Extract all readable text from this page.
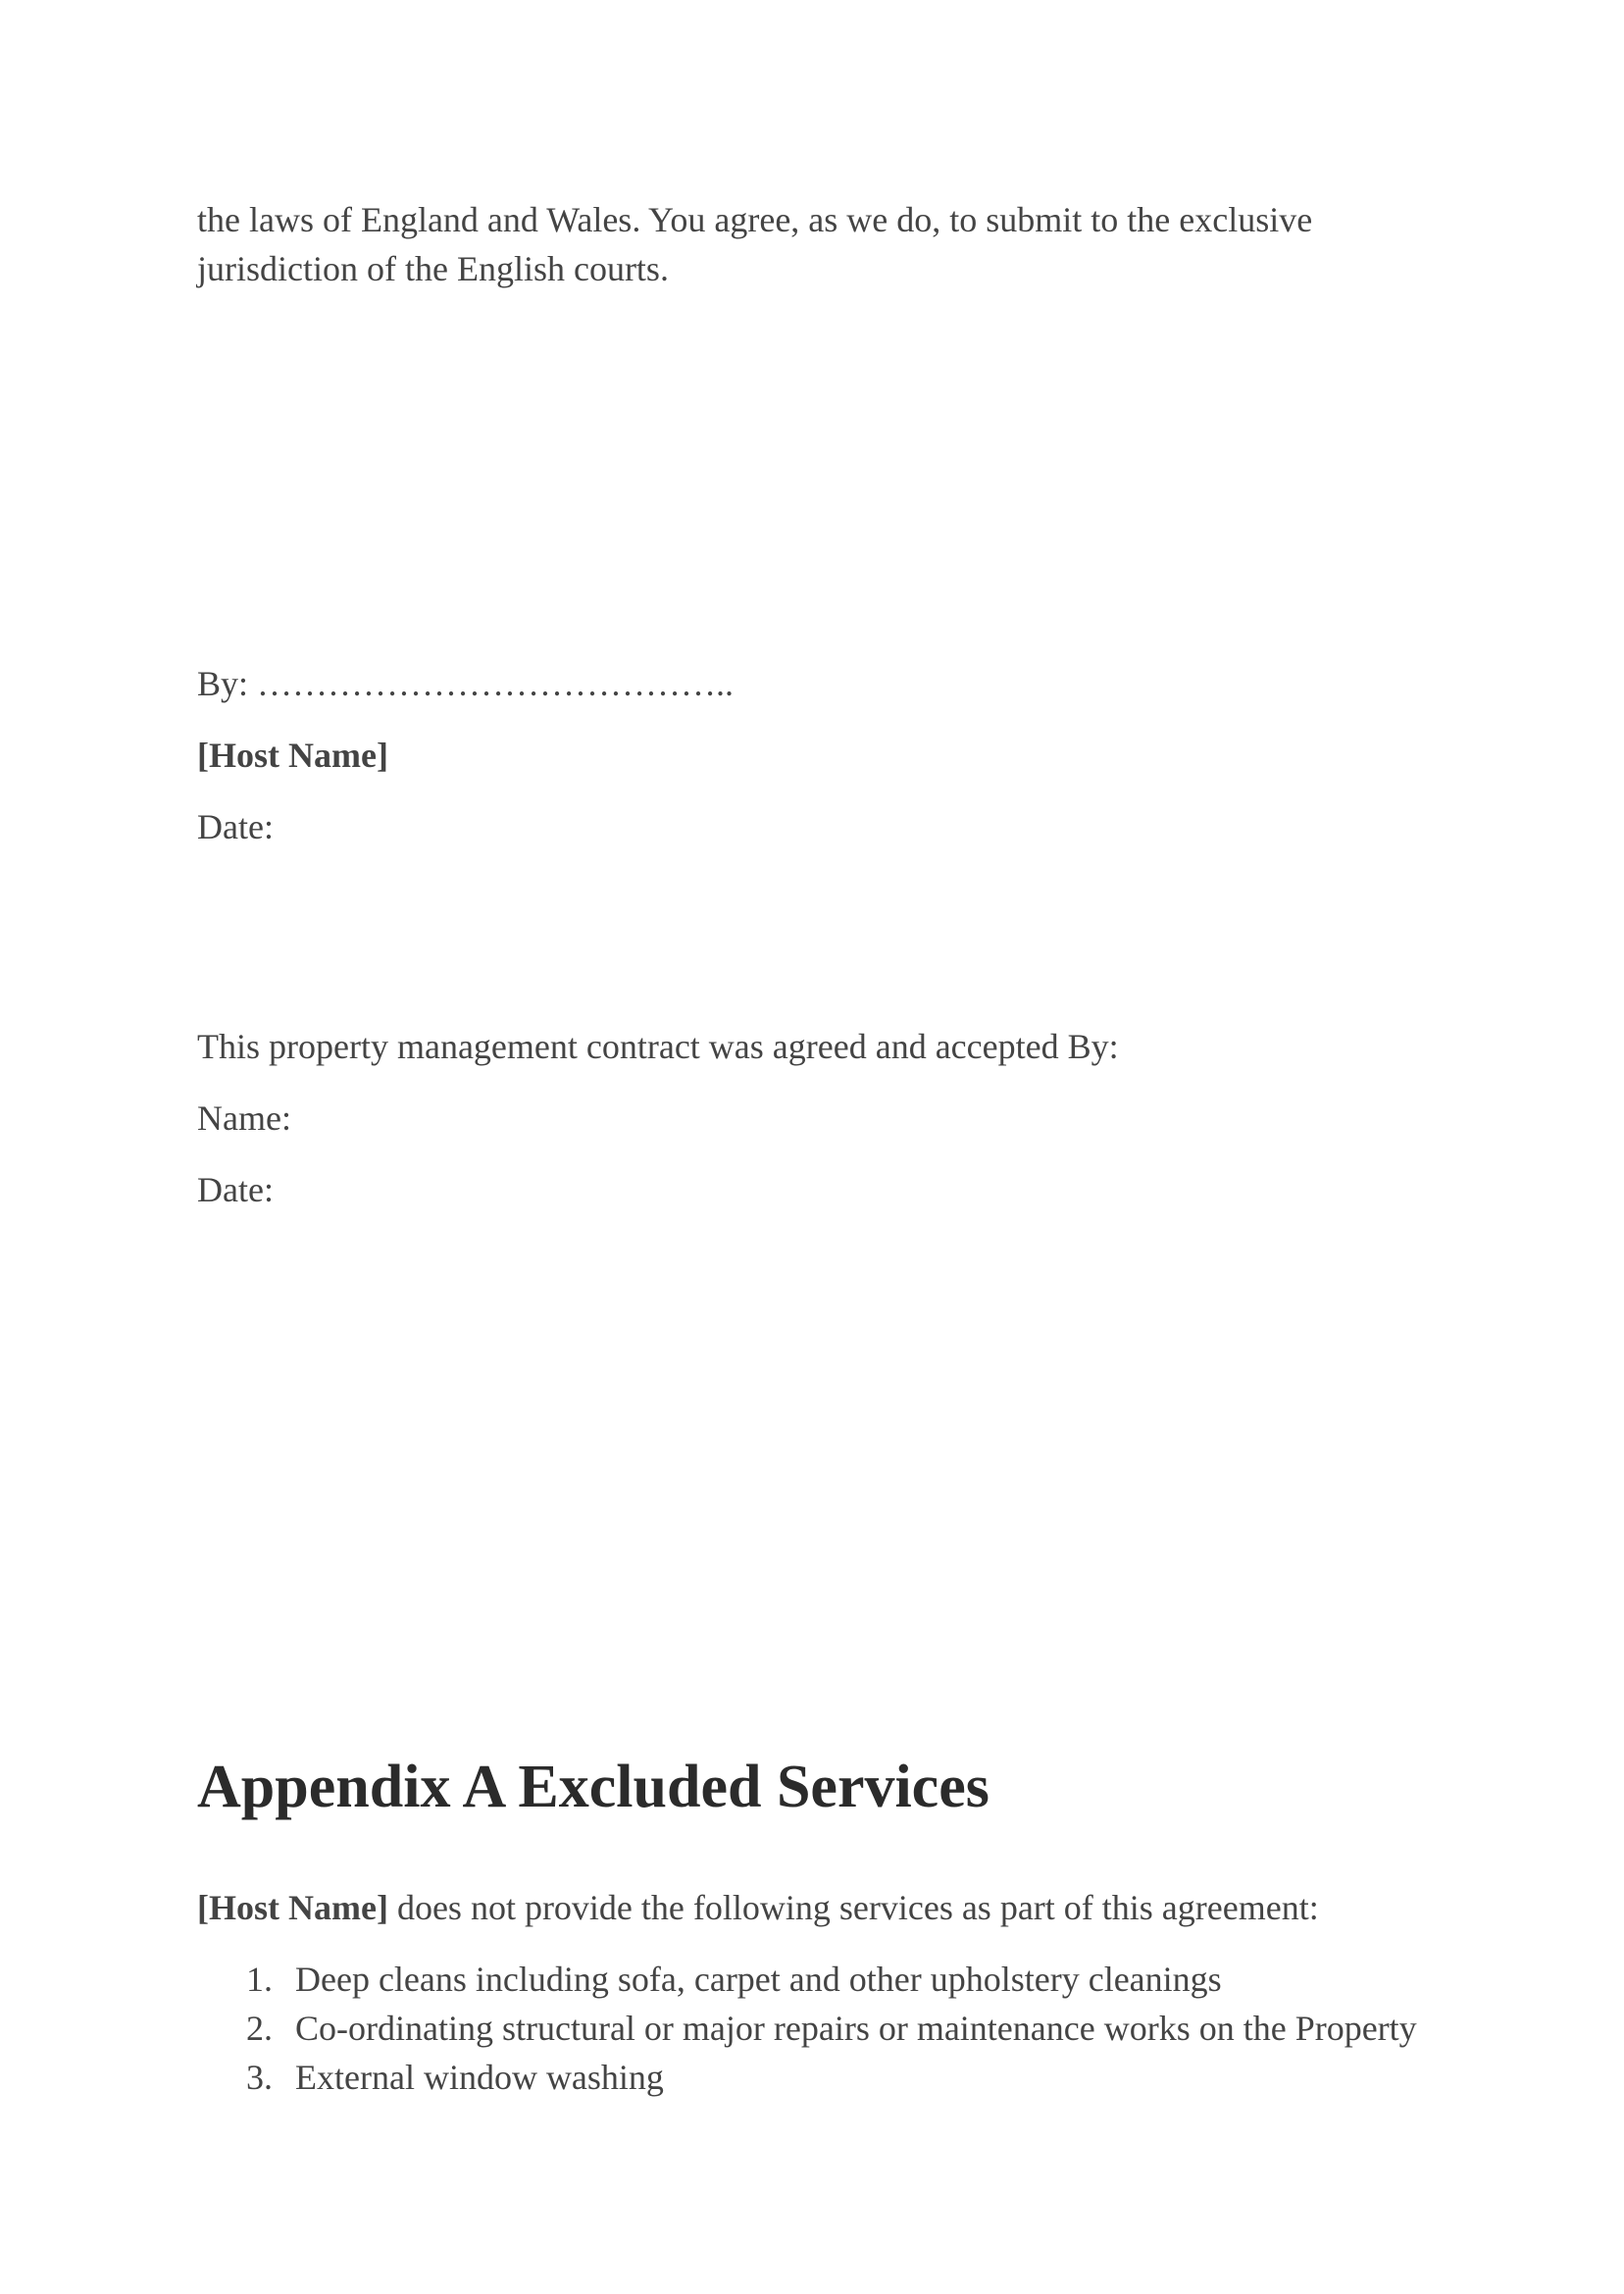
the laws of England and Wales. You agree, as we do, to submit to the exclusive

jurisdiction of the English courts.

By: …………………………………..

[Host Name]

Date:

This property management contract was agreed and accepted By:

Name:

Date:

Appendix A Excluded Services

[Host Name] does not provide the following services as part of this agreement:

1. Deep cleans including sofa, carpet and other upholstery cleanings
2. Co-ordinating structural or major repairs or maintenance works on the Property
3. External window washing
